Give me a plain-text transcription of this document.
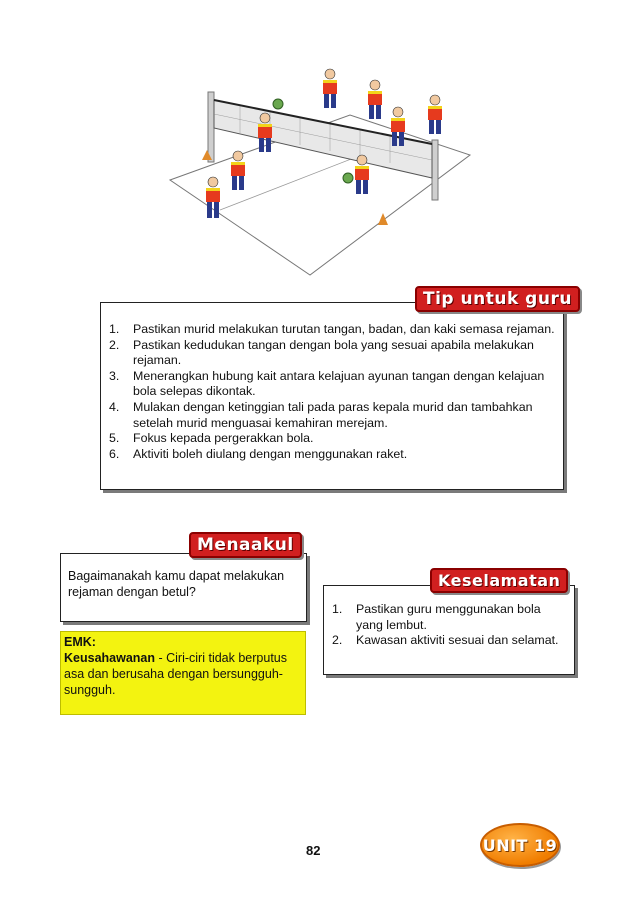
1. Pastikan murid melakukan turutan tangan, badan, dan kaki semasa rejaman.
2. Pastikan kedudukan tangan dengan bola yang sesuai apabila melakukan rejaman.
3. Menerangkan hubung kait antara kelajuan ayunan tangan dengan kelajuan bola selepas dikontak.
4. Mulakan dengan ketinggian tali pada paras kepala murid dan tambahkan setelah murid menguasai kemahiran merejam.
5. Fokus kepada pergerakkan bola.
6. Aktiviti boleh diulang dengan menggunakan raket.
Tip untuk guru
Bagaimanakah kamu dapat melakukan rejaman dengan betul?
Menaakul
EMK:
Keusahawanan - Ciri-ciri tidak berputus asa dan berusaha dengan bersungguh-sungguh.
1. Pastikan guru menggunakan bola yang lembut.
2. Kawasan aktiviti sesuai dan selamat.
Keselamatan
82	UNIT 19
